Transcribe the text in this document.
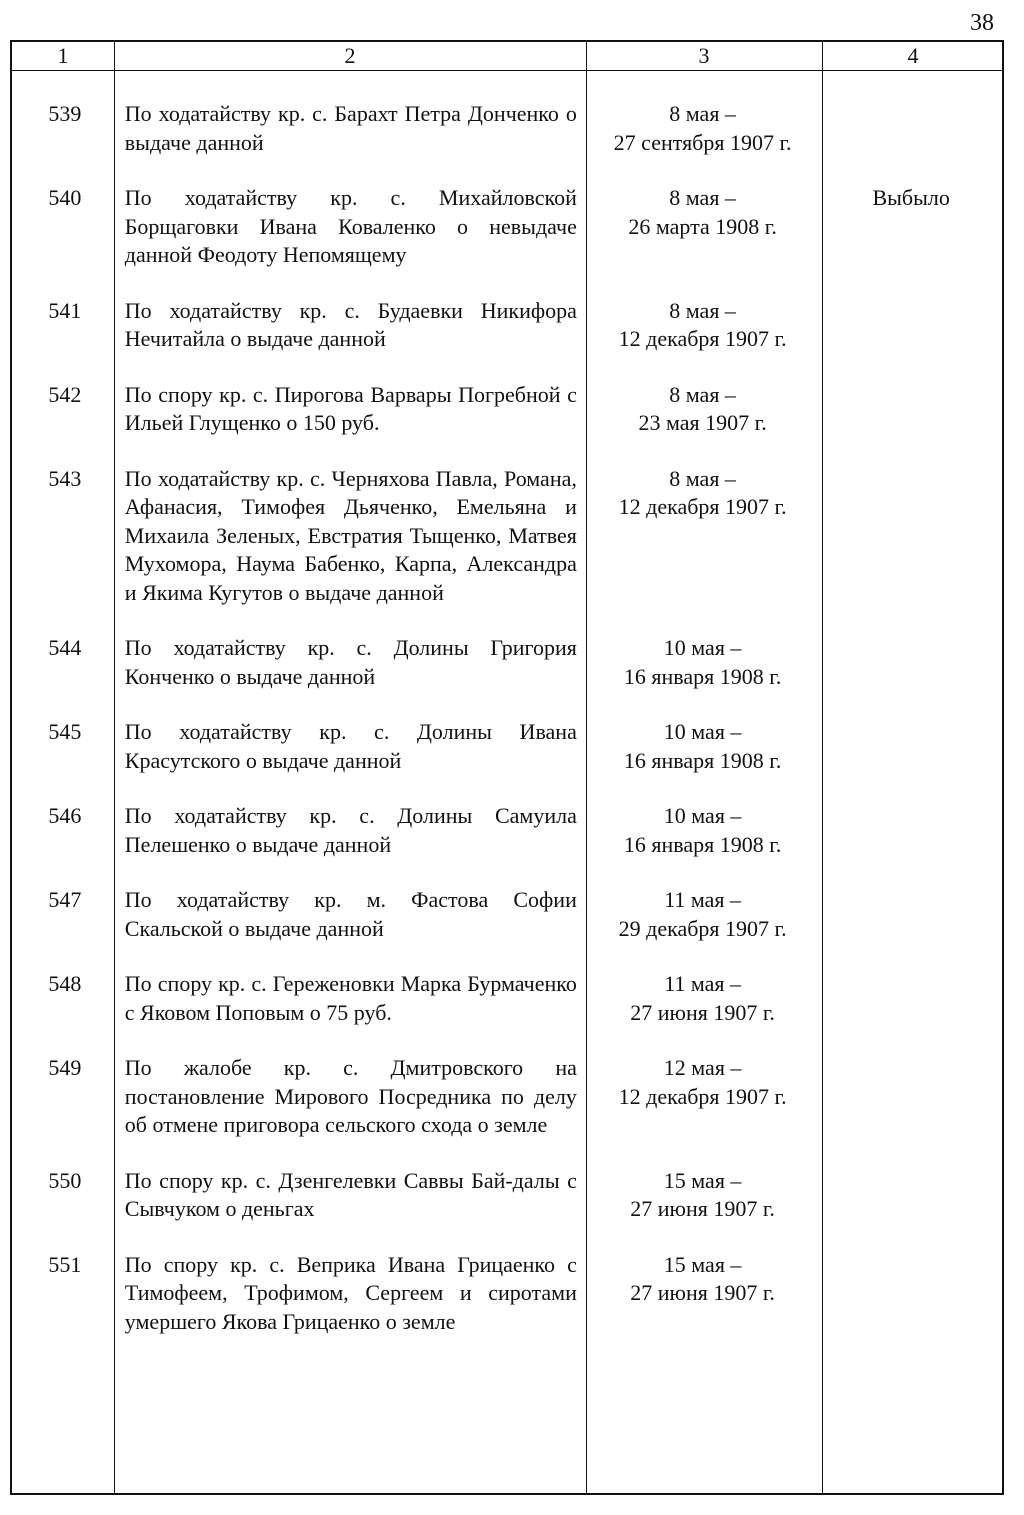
38
1	2	3	4
539	По ходатайству кр. с. Барахт Петра Донченко о выдаче данной
8 мая –
27 сентября 1907 г.
540	По ходатайству кр. с. Михайловской Борщаговки Ивана Коваленко о невыдаче данной Феодоту Непомящему
8 мая –
26 марта 1908 г.
Выбыло
541	По ходатайству кр. с. Будаевки Никифора Нечитайла о выдаче данной
8 мая –
12 декабря 1907 г.
542	По спору кр. с. Пирогова Варвары Погребной с Ильей Глущенко о 150 руб.
8 мая –
23 мая 1907 г.
543	По ходатайству кр. с. Черняхова Павла, Романа, Афанасия, Тимофея Дьяченко, Емельяна и Михаила Зеленых, Евстратия Тыщенко, Матвея Мухомора, Наума Бабенко, Карпа, Александра и Якима Кугутов о выдаче данной
8 мая –
12 декабря 1907 г.
544	По ходатайству кр. с. Долины Григория Конченко о выдаче данной
10 мая –
16 января 1908 г.
545	По ходатайству кр. с. Долины Ивана Красутского о выдаче данной
10 мая –
16 января 1908 г.
546	По ходатайству кр. с. Долины Самуила Пелешенко о выдаче данной
10 мая –
16 января 1908 г.
547	По ходатайству кр. м. Фастова Софии Скальской о выдаче данной
11 мая –
29 декабря 1907 г.
548	По спору кр. с. Гереженовки Марка Бурмаченко с Яковом Поповым о 75 руб.
11 мая –
27 июня 1907 г.
549	По жалобе кр. с. Дмитровского на постановление Мирового Посредника по делу об отмене приговора сельского схода о земле
12 мая –
12 декабря 1907 г.
550	По спору кр. с. Дзенгелевки Саввы Бай-далы с Сывчуком о деньгах
15 мая –
27 июня 1907 г.
551	По спору кр. с. Веприка Ивана Грицаенко с Тимофеем, Трофимом, Сергеем и сиротами умершего Якова Грицаенко о земле
15 мая –
27 июня 1907 г.
